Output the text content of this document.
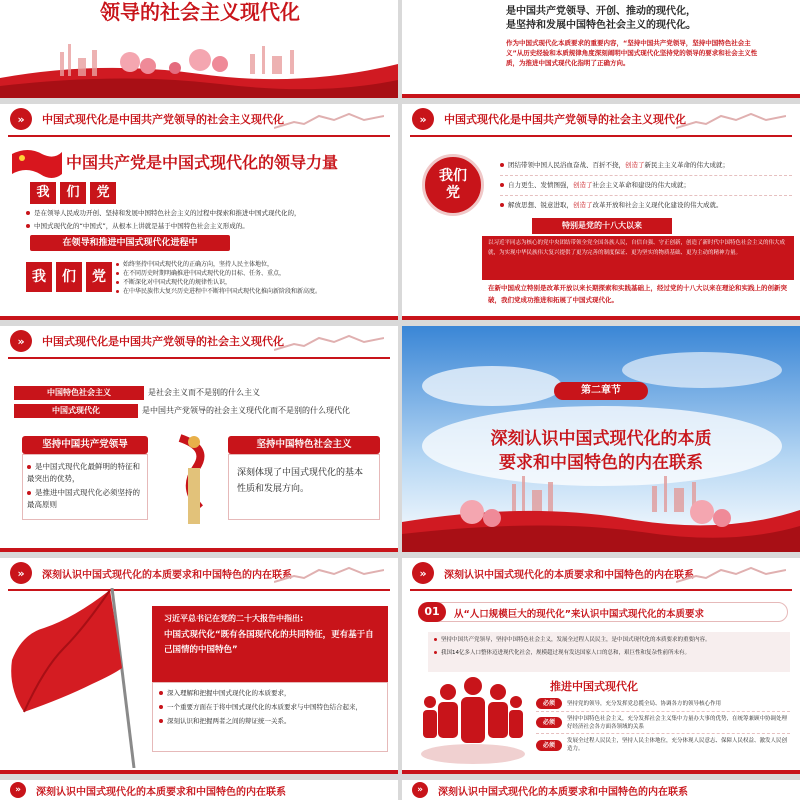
领导的社会主义现代化	是中国共产党领导、开创、推动的现代化，
是坚持和发展中国特色社会主义的现代化。
作为中国式现代化本质要求的重要内容，“坚持中国共产党领导，坚持中国特色社会主义”从历史经验和本质规律角度深刻阐明中国式现代化坚持党的领导的要求和社会主义性质，为推进中国式现代化指明了正确方向。
»	中国式现代化是中国共产党领导的社会主义现代化
中国共产党是中国式现代化的领导力量
我	们	党
是在领导人民成功开创、坚持和发展中国特色社会主义的过程中探索和推进中国式现代化的，
中国式现代化的“中国式”，从根本上讲就是基于中国特色社会主义形成的。
在领导和推进中国式现代化进程中
我	们	党
始终坚持中国式现代化的正确方向，坚持人民主体地位，
在不同历史时期明确推进中国式现代化的目标、任务、重点，
不断深化对中国式现代化的规律性认识，
在中华民族伟大复兴历史进程中不断将中国式现代化推向新阶段和新高度。
»	中国式现代化是中国共产党领导的社会主义现代化
我们党
团结带领中国人民浴血奋战、百折不挠，创造了新民主主义革命的伟大成就；
自力更生、发愤图强，创造了社会主义革命和建设的伟大成就；
解放思想、锐意进取，创造了改革开放和社会主义现代化建设的伟大成就。
特别是党的十八大以来
以习近平同志为核心的党中央团结带领全党全国各族人民，自信自强、守正创新，创造了新时代中国特色社会主义的伟大成就，为实现中华民族伟大复兴提供了更为完善的制度保证、更为坚实的物质基础、更为主动的精神力量。
在新中国成立特别是改革开放以来长期探索和实践基础上，经过党的十八大以来在理论和实践上的创新突破，我们党成功推进和拓展了中国式现代化。
»	中国式现代化是中国共产党领导的社会主义现代化
中国特色社会主义	是社会主义而不是别的什么主义
中国式现代化	是中国共产党领导的社会主义现代化而不是别的什么现代化
坚持中国共产党领导
是中国式现代化最鲜明的特征和最突出的优势，
是推进中国式现代化必须坚持的最高原则
坚持中国特色社会主义
深刻体现了中国式现代化的基本性质和发展方向。
第二章节
深刻认识中国式现代化的本质
要求和中国特色的内在联系
»	深刻认识中国式现代化的本质要求和中国特色的内在联系
习近平总书记在党的二十大报告中指出:
中国式现代化“既有各国现代化的共同特征，更有基于自己国情的中国特色”
深入理解和把握中国式现代化的本质要求，
一个重要方面在于将中国式现代化的本质要求与中国特色结合起来，
深刻认识和把握两者之间的辩证统一关系。
»	深刻认识中国式现代化的本质要求和中国特色的内在联系
01	从“人口规模巨大的现代化”来认识中国式现代化的本质要求
坚持中国共产党领导，坚持中国特色社会主义，发展全过程人民民主，是中国式现代化的本质要求的重要内容。
我国14亿多人口整体迈进现代化社会，规模超过现有发达国家人口的总和，艰巨性和复杂性前所未有。
推进中国式现代化
必须	坚持党的领导，充分发挥党总揽全局、协调各方的领导核心作用
必须
坚持中国特色社会主义，充分发挥社会主义集中力量办大事的优势，在统筹兼顾中协调处理好经济社会各方面各领域的关系
必须
发展全过程人民民主，坚持人民主体地位，充分体现人民意志、保障人民权益、激发人民创造力。
»	深刻认识中国式现代化的本质要求和中国特色的内在联系	»	深刻认识中国式现代化的本质要求和中国特色的内在联系
